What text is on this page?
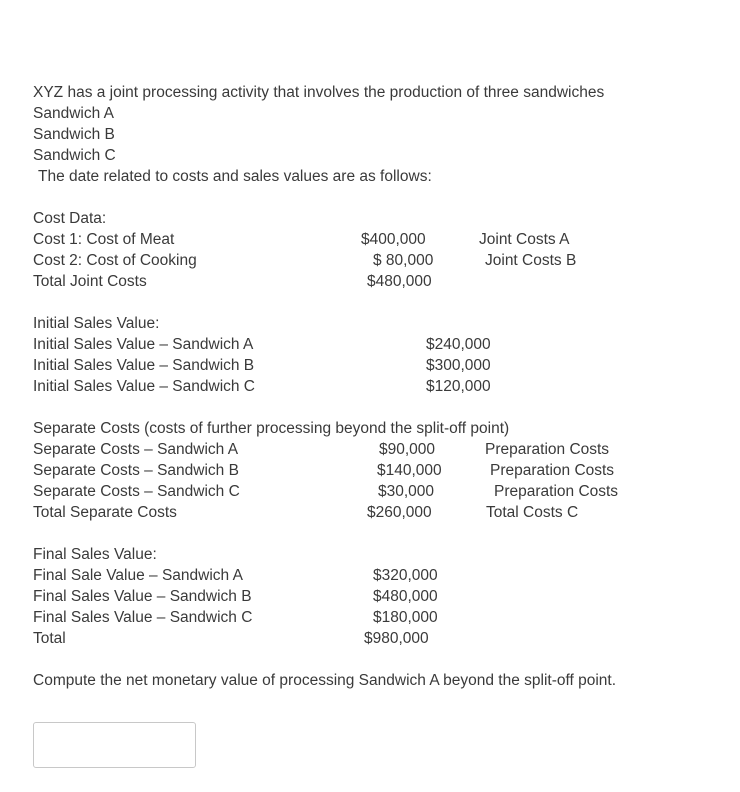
XYZ has a joint processing activity that involves the production of three sandwiches
Sandwich A
Sandwich B
Sandwich C
The date related to costs and sales values are as follows:
Cost Data:
Cost 1: Cost of Meat	$400,000	Joint Costs A
Cost 2: Cost of Cooking	$ 80,000	Joint Costs B
Total Joint Costs	$480,000
Initial Sales Value:
Initial Sales Value – Sandwich A	$240,000
Initial Sales Value – Sandwich B	$300,000
Initial Sales Value – Sandwich C	$120,000
Separate Costs (costs of further processing beyond the split-off point)
Separate Costs – Sandwich A	$90,000	Preparation Costs
Separate Costs – Sandwich B	$140,000	Preparation Costs
Separate Costs – Sandwich C	$30,000	Preparation Costs
Total Separate Costs	$260,000	Total Costs C
Final Sales Value:
Final Sale Value – Sandwich A	$320,000
Final Sales Value – Sandwich B	$480,000
Final Sales Value – Sandwich C	$180,000
Total	$980,000
Compute the net monetary value of processing Sandwich A beyond the split-off point.
